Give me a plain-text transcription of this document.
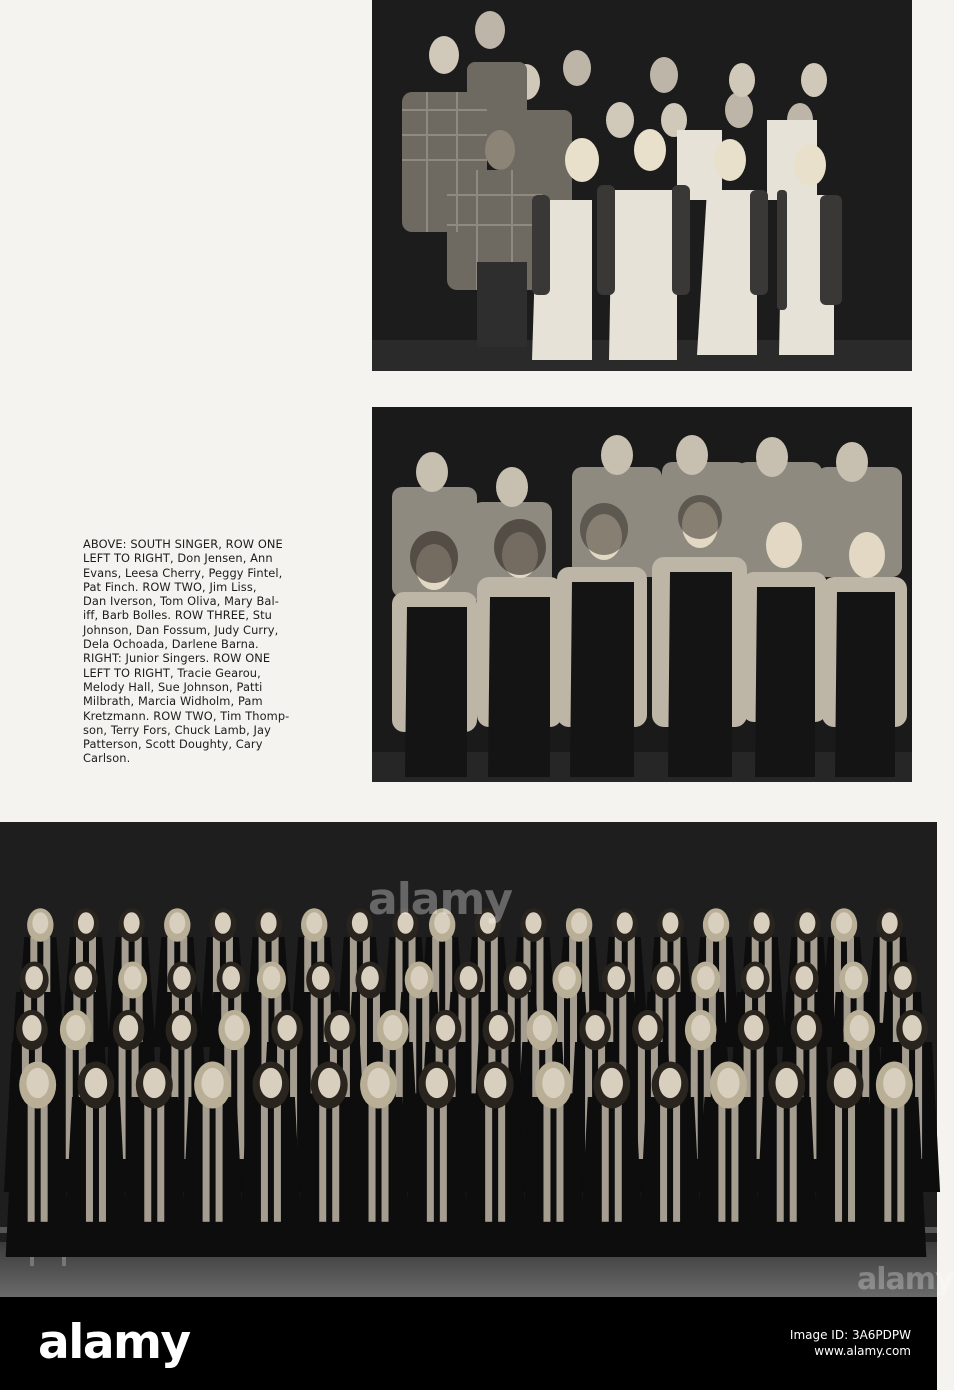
ABOVE: SOUTH SINGER, ROW ONE
LEFT TO RIGHT, Don Jensen, Ann
Evans, Leesa Cherry, Peggy Fintel,
Pat Finch. ROW TWO, Jim Liss,
Dan Iverson, Tom Oliva, Mary Bal-
iff, Barb Bolles. ROW THREE, Stu
Johnson, Dan Fossum, Judy Curry,
Dela Ochoada, Darlene Barna.
RIGHT: Junior Singers. ROW ONE
LEFT TO RIGHT, Tracie Gearou,
Melody Hall, Sue Johnson, Patti
Milbrath, Marcia Widholm, Pam
Kretzmann. ROW TWO, Tim Thomp-
son, Terry Fors, Chuck Lamb, Jay
Patterson, Scott Doughty, Cary
Carlson.
alamy
alamy
alamy	Image ID: 3A6PDPW
www.alamy.com
